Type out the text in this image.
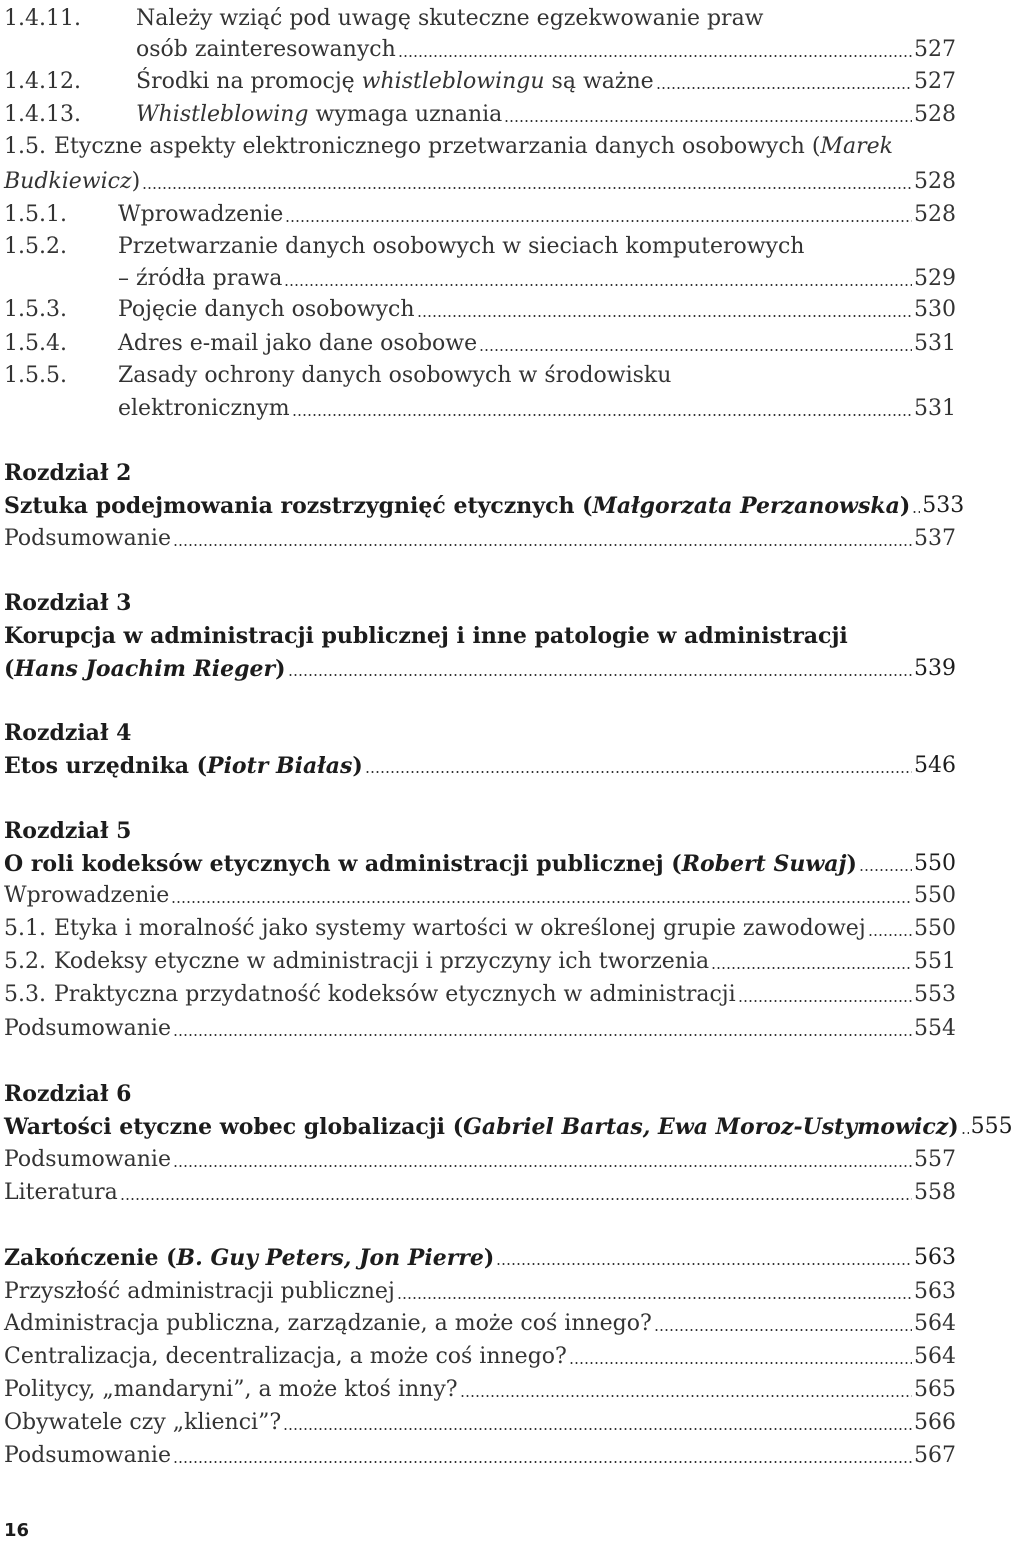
1.4.11.	Należy wziąć pod uwagę skuteczne egzekwowanie praw
osób zainteresowanych	527
1.4.12.	Środki na promocję whistleblowingu są ważne	527
1.4.13.	Whistleblowing wymaga uznania	528
1.5. Etyczne aspekty elektronicznego przetwarzania danych osobowych (Marek
Budkiewicz)	528
1.5.1.	Wprowadzenie	528
1.5.2.	Przetwarzanie danych osobowych w sieciach komputerowych
– źródła prawa	529
1.5.3.	Pojęcie danych osobowych	530
1.5.4.	Adres e-mail jako dane osobowe	531
1.5.5.	Zasady ochrony danych osobowych w środowisku
elektronicznym	531
Rozdział 2
Sztuka podejmowania rozstrzygnięć etycznych (Małgorzata Perzanowska) 533
Podsumowanie	537
Rozdział 3
Korupcja w administracji publicznej i inne patologie w administracji
(Hans Joachim Rieger)	539
Rozdział 4
Etos urzędnika (Piotr Białas)	546
Rozdział 5
O roli kodeksów etycznych w administracji publicznej (Robert Suwaj)	550
Wprowadzenie	550
5.1. Etyka i moralność jako systemy wartości w określonej grupie zawodowej 550
5.2. Kodeksy etyczne w administracji i przyczyny ich tworzenia	551
5.3. Praktyczna przydatność kodeksów etycznych w administracji	553
Podsumowanie	554
Rozdział 6
Wartości etyczne wobec globalizacji (Gabriel Bartas, Ewa Moroz-Ustymowicz) 555
Podsumowanie	557
Literatura	558
Zakończenie (B. Guy Peters, Jon Pierre)	563
Przyszłość administracji publicznej	563
Administracja publiczna, zarządzanie, a może coś innego?	564
Centralizacja, decentralizacja, a może coś innego?	564
Politycy, „mandaryni”, a może ktoś inny?	565
Obywatele czy „klienci”?	566
Podsumowanie	567
16
